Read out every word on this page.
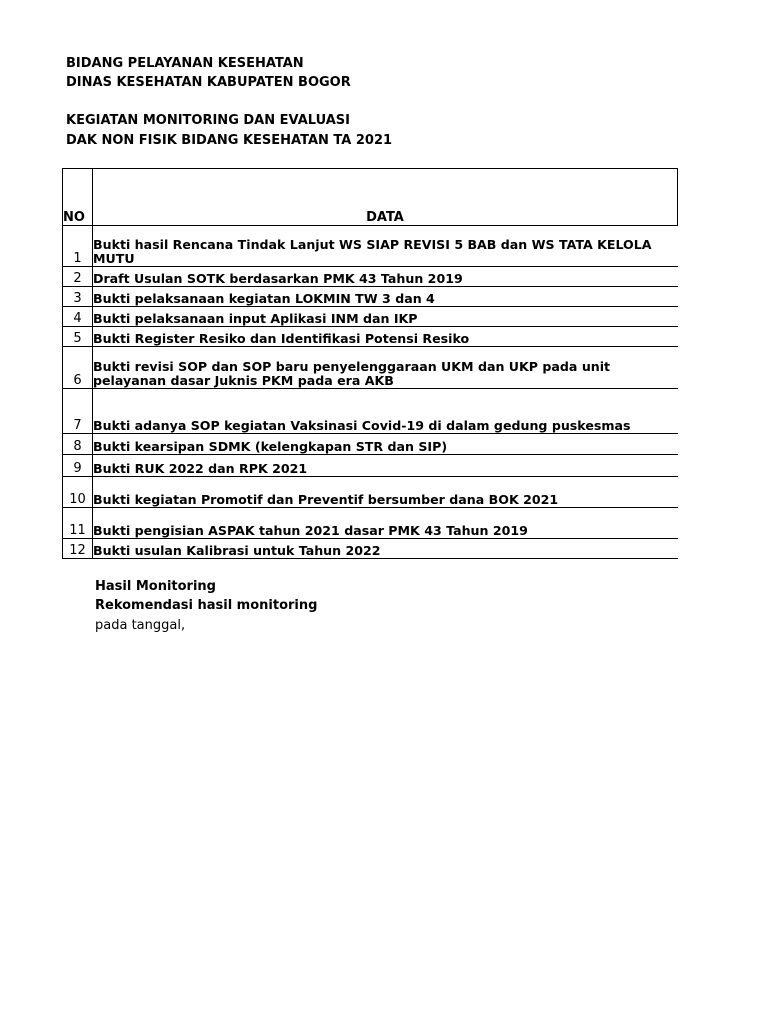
BIDANG PELAYANAN KESEHATAN
DINAS KESEHATAN KABUPATEN BOGOR
KEGIATAN MONITORING DAN EVALUASI
DAK NON FISIK BIDANG KESEHATAN TA 2021
NO	DATA
1	Bukti hasil Rencana Tindak Lanjut WS SIAP REVISI 5 BAB dan WS TATA KELOLA MUTU
2	Draft Usulan SOTK berdasarkan PMK 43 Tahun 2019
3	Bukti pelaksanaan kegiatan LOKMIN TW 3 dan 4
4	Bukti pelaksanaan input Aplikasi INM dan IKP
5	Bukti Register Resiko dan Identifikasi Potensi Resiko
6	Bukti revisi SOP dan SOP baru penyelenggaraan UKM dan UKP pada unit pelayanan dasar Juknis PKM pada era AKB
7	Bukti adanya SOP kegiatan Vaksinasi Covid-19 di dalam gedung puskesmas
8	Bukti kearsipan SDMK (kelengkapan STR dan SIP)
9	Bukti RUK 2022 dan RPK 2021
10	Bukti kegiatan Promotif dan Preventif bersumber dana BOK 2021
11	Bukti pengisian ASPAK tahun 2021 dasar PMK 43 Tahun 2019
12	Bukti usulan Kalibrasi untuk Tahun 2022
Hasil Monitoring
Rekomendasi hasil monitoring
pada tanggal,
